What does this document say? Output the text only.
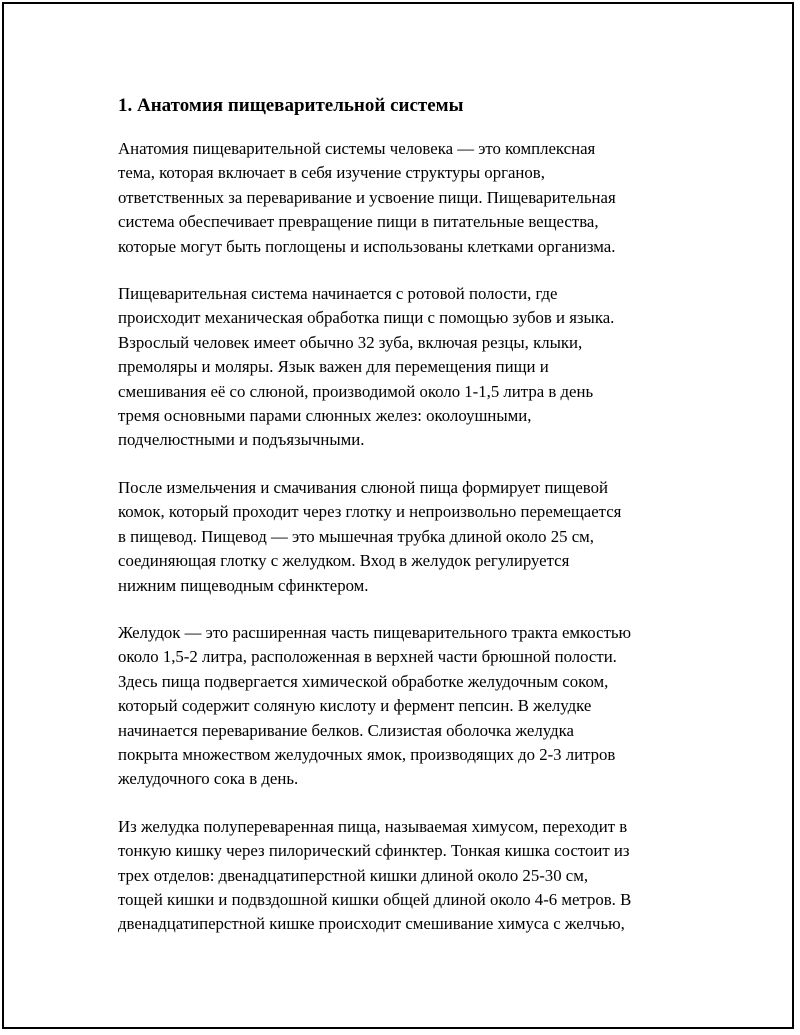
1. Анатомия пищеварительной системы

Анатомия пищеварительной системы человека — это комплексная
тема, которая включает в себя изучение структуры органов,
ответственных за переваривание и усвоение пищи. Пищеварительная
система обеспечивает превращение пищи в питательные вещества,
которые могут быть поглощены и использованы клетками организма.

Пищеварительная система начинается с ротовой полости, где
происходит механическая обработка пищи с помощью зубов и языка.
Взрослый человек имеет обычно 32 зуба, включая резцы, клыки,
премоляры и моляры. Язык важен для перемещения пищи и
смешивания её со слюной, производимой около 1-1,5 литра в день
тремя основными парами слюнных желез: околоушными,
подчелюстными и подъязычными.

После измельчения и смачивания слюной пища формирует пищевой
комок, который проходит через глотку и непроизвольно перемещается
в пищевод. Пищевод — это мышечная трубка длиной около 25 см,
соединяющая глотку с желудком. Вход в желудок регулируется
нижним пищеводным сфинктером.

Желудок — это расширенная часть пищеварительного тракта емкостью
около 1,5-2 литра, расположенная в верхней части брюшной полости.
Здесь пища подвергается химической обработке желудочным соком,
который содержит соляную кислоту и фермент пепсин. В желудке
начинается переваривание белков. Слизистая оболочка желудка
покрыта множеством желудочных ямок, производящих до 2-3 литров
желудочного сока в день.

Из желудка полупереваренная пища, называемая химусом, переходит в
тонкую кишку через пилорический сфинктер. Тонкая кишка состоит из
трех отделов: двенадцатиперстной кишки длиной около 25-30 см,
тощей кишки и подвздошной кишки общей длиной около 4-6 метров. В
двенадцатиперстной кишке происходит смешивание химуса с желчью,
